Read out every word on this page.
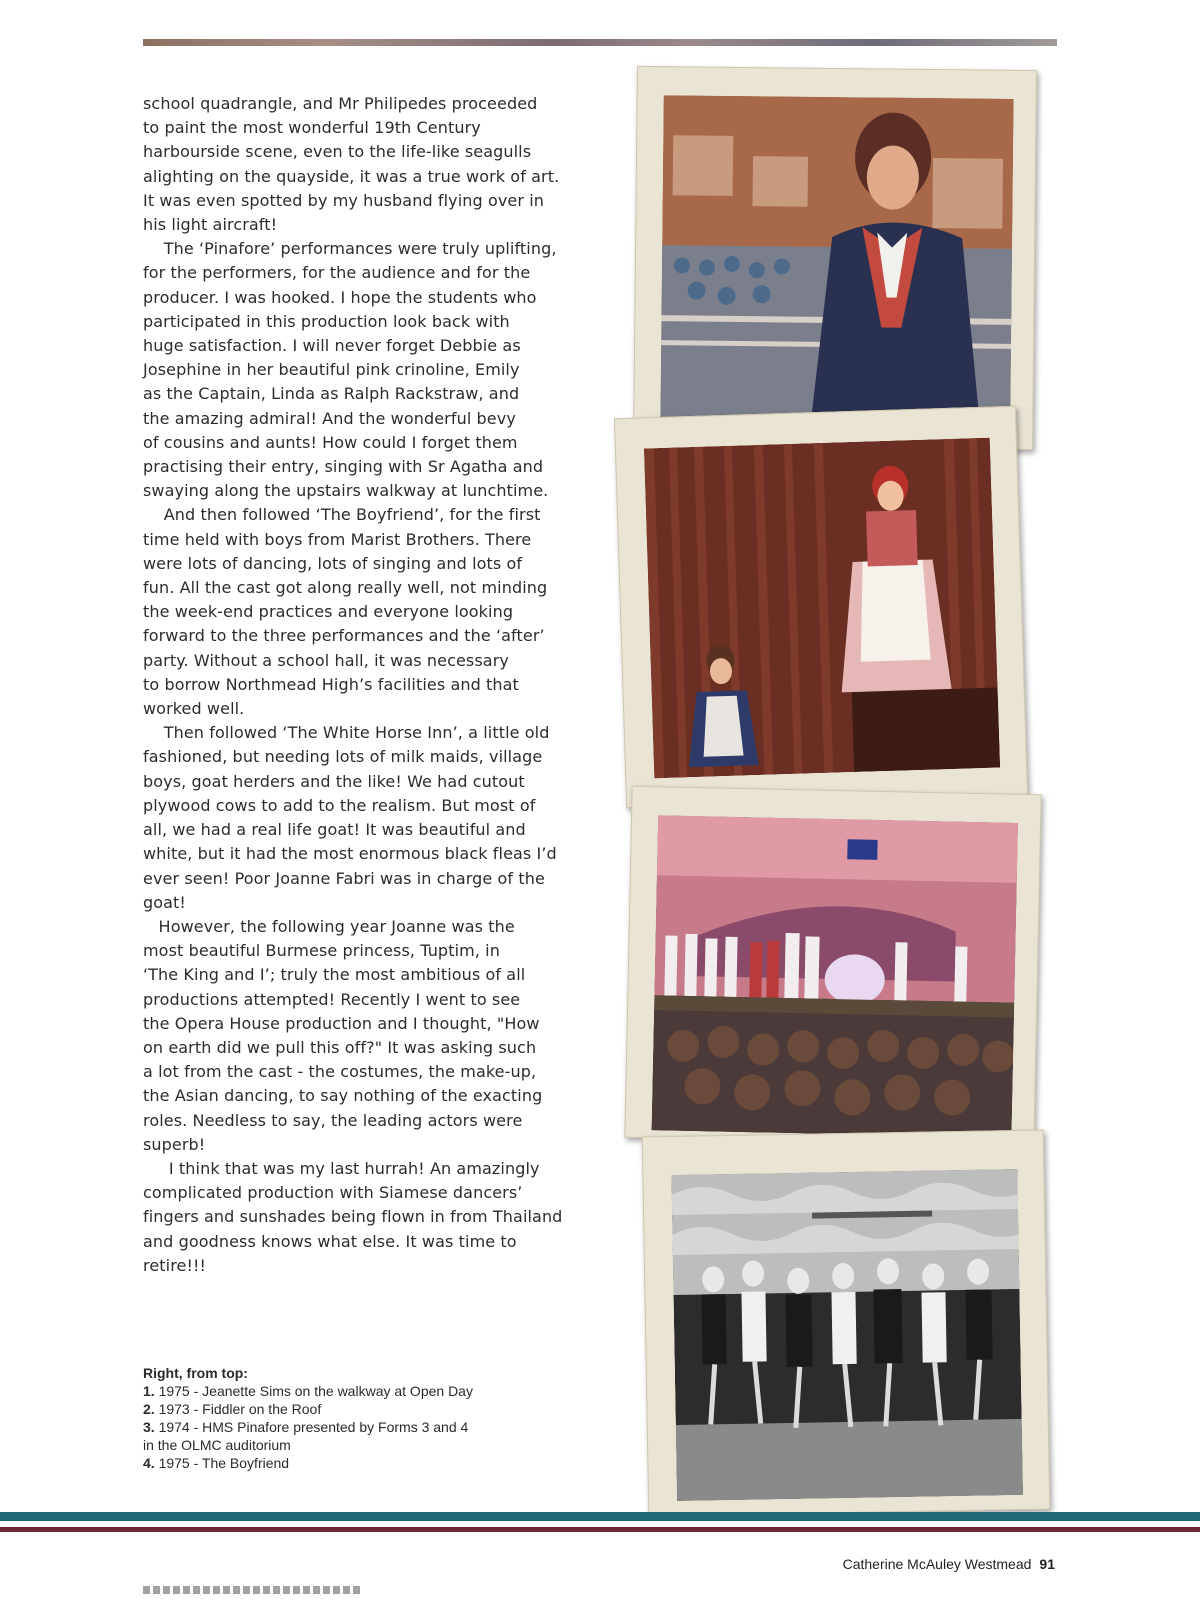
school quadrangle, and Mr Philipedes proceeded
to paint the most wonderful 19th Century
harbourside scene, even to the life-like seagulls
alighting on the quayside, it was a true work of art.
It was even spotted by my husband flying over in
his light aircraft!
The ‘Pinafore’ performances were truly uplifting,
for the performers, for the audience and for the
producer. I was hooked. I hope the students who
participated in this production look back with
huge satisfaction. I will never forget Debbie as
Josephine in her beautiful pink crinoline, Emily
as the Captain, Linda as Ralph Rackstraw, and
the amazing admiral! And the wonderful bevy
of cousins and aunts! How could I forget them
practising their entry, singing with Sr Agatha and
swaying along the upstairs walkway at lunchtime.
And then followed ‘The Boyfriend’, for the first
time held with boys from Marist Brothers. There
were lots of dancing, lots of singing and lots of
fun. All the cast got along really well, not minding
the week-end practices and everyone looking
forward to the three performances and the ‘after’
party. Without a school hall, it was necessary
to borrow Northmead High’s facilities and that
worked well.
Then followed ‘The White Horse Inn’, a little old
fashioned, but needing lots of milk maids, village
boys, goat herders and the like! We had cutout
plywood cows to add to the realism. But most of
all, we had a real life goat! It was beautiful and
white, but it had the most enormous black fleas I’d
ever seen! Poor Joanne Fabri was in charge of the
goat!
However, the following year Joanne was the
most beautiful Burmese princess, Tuptim, in
‘The King and I’; truly the most ambitious of all
productions attempted! Recently I went to see
the Opera House production and I thought, "How
on earth did we pull this off?" It was asking such
a lot from the cast - the costumes, the make-up,
the Asian dancing, to say nothing of the exacting
roles. Needless to say, the leading actors were
superb!
I think that was my last hurrah! An amazingly
complicated production with Siamese dancers’
fingers and sunshades being flown in from Thailand
and goodness knows what else. It was time to
retire!!!
Right, from top:
1. 1975 - Jeanette Sims on the walkway at Open Day
2. 1973 - Fiddler on the Roof
3. 1974 - HMS Pinafore presented by Forms 3 and 4
in the OLMC auditorium
4. 1975 - The Boyfriend
Catherine McAuley Westmead 91
